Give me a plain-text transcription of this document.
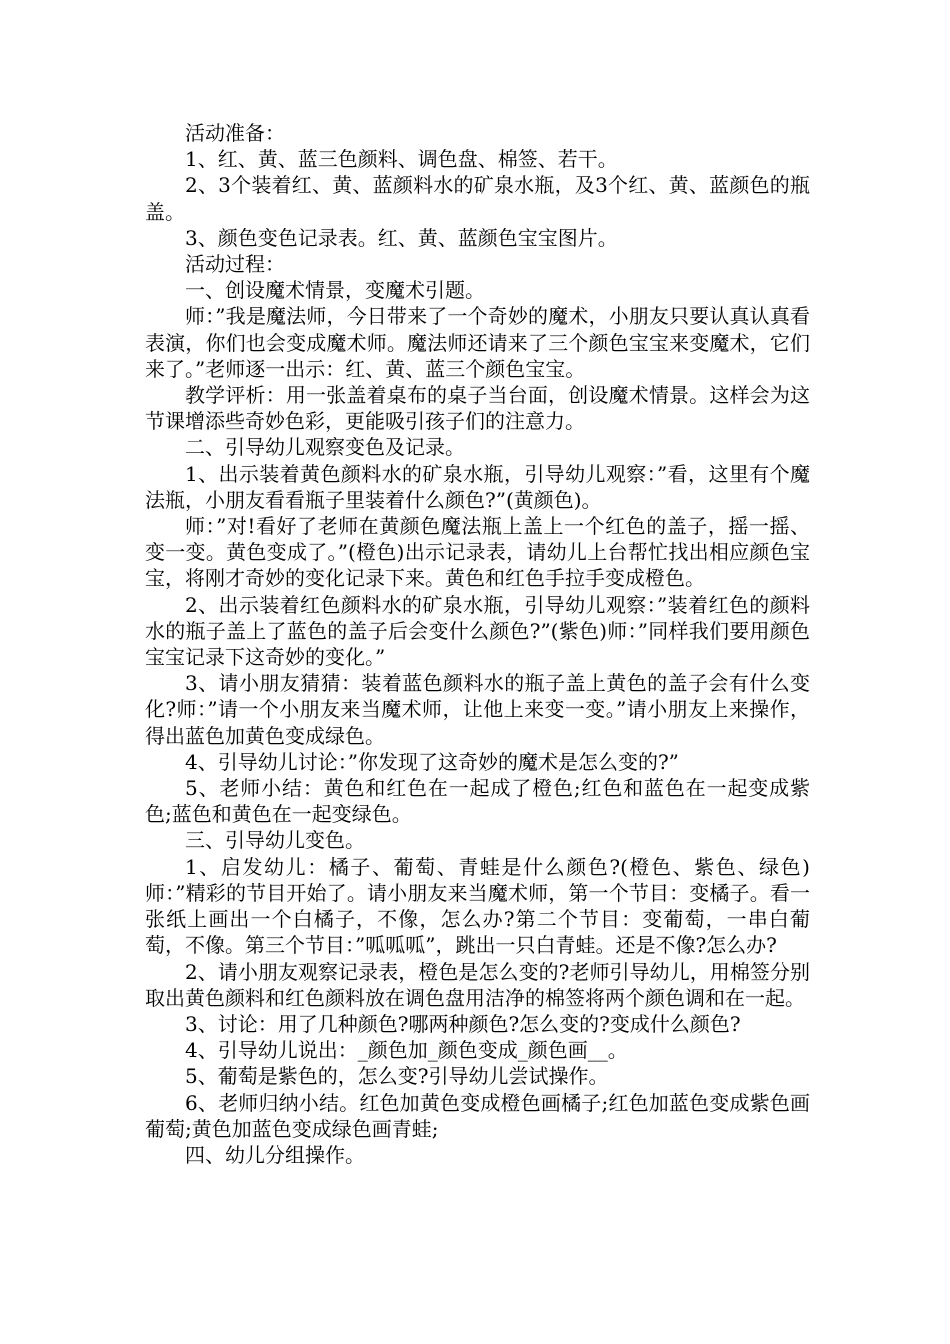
活动准备：

1、红、黄、蓝三色颜料、调色盘、棉签、若干。

2、3个装着红、黄、蓝颜料水的矿泉水瓶，及3个红、黄、蓝颜色的瓶盖。

3、颜色变色记录表。红、黄、蓝颜色宝宝图片。

活动过程：

一、创设魔术情景，变魔术引题。

师：”我是魔法师，今日带来了一个奇妙的魔术，小朋友只要认真认真看表演，你们也会变成魔术师。魔法师还请来了三个颜色宝宝来变魔术，它们来了。”老师逐一出示：红、黄、蓝三个颜色宝宝。

教学评析：用一张盖着桌布的桌子当台面，创设魔术情景。这样会为这节课增添些奇妙色彩，更能吸引孩子们的注意力。

二、引导幼儿观察变色及记录。

1、出示装着黄色颜料水的矿泉水瓶，引导幼儿观察：”看，这里有个魔法瓶，小朋友看看瓶子里装着什么颜色?”(黄颜色)。

师：”对!看好了老师在黄颜色魔法瓶上盖上一个红色的盖子，摇一摇、变一变。黄色变成了。”(橙色)出示记录表，请幼儿上台帮忙找出相应颜色宝宝，将刚才奇妙的变化记录下来。黄色和红色手拉手变成橙色。

2、出示装着红色颜料水的矿泉水瓶，引导幼儿观察：”装着红色的颜料水的瓶子盖上了蓝色的盖子后会变什么颜色?”(紫色)师：”同样我们要用颜色宝宝记录下这奇妙的变化。”

3、请小朋友猜猜：装着蓝色颜料水的瓶子盖上黄色的盖子会有什么变化?师：”请一个小朋友来当魔术师，让他上来变一变。”请小朋友上来操作，得出蓝色加黄色变成绿色。

4、引导幼儿讨论：”你发现了这奇妙的魔术是怎么变的?”

5、老师小结：黄色和红色在一起成了橙色;红色和蓝色在一起变成紫色;蓝色和黄色在一起变绿色。

三、引导幼儿变色。

1、启发幼儿：橘子、葡萄、青蛙是什么颜色?(橙色、紫色、绿色)师：”精彩的节目开始了。请小朋友来当魔术师，第一个节目：变橘子。看一张纸上画出一个白橘子，不像，怎么办?第二个节目：变葡萄，一串白葡萄，不像。第三个节目：”呱呱呱”，跳出一只白青蛙。还是不像?怎么办?

2、请小朋友观察记录表，橙色是怎么变的?老师引导幼儿，用棉签分别取出黄色颜料和红色颜料放在调色盘用洁净的棉签将两个颜色调和在一起。

3、讨论：用了几种颜色?哪两种颜色?怎么变的?变成什么颜色?

4、引导幼儿说出：_颜色加_颜色变成_颜色画__。

5、葡萄是紫色的，怎么变?引导幼儿尝试操作。

6、老师归纳小结。红色加黄色变成橙色画橘子;红色加蓝色变成紫色画葡萄;黄色加蓝色变成绿色画青蛙;

四、幼儿分组操作。
